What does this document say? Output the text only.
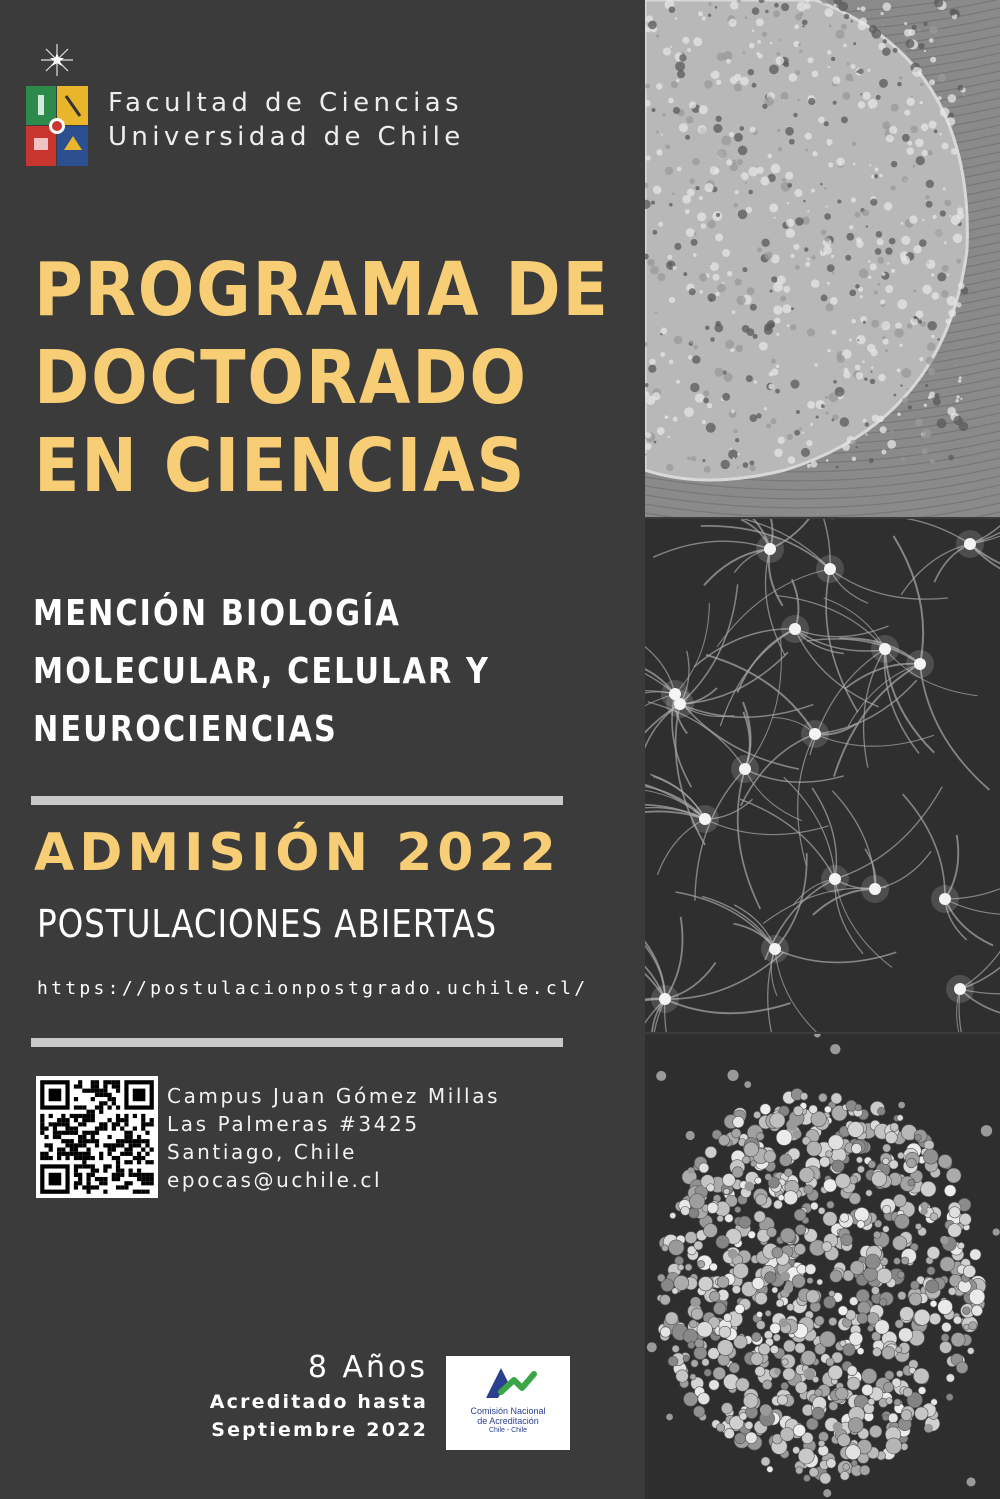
Facultad de Ciencias
Universidad de Chile
PROGRAMA DE
DOCTORADO
EN CIENCIAS
MENCIÓN BIOLOGÍA
MOLECULAR, CELULAR Y
NEUROCIENCIAS
ADMISIÓN 2022
POSTULACIONES ABIERTAS
https://postulacionpostgrado.uchile.cl/
Campus Juan Gómez Millas
Las Palmeras #3425
Santiago, Chile
epocas@uchile.cl
8 Años
Acreditado hasta
Septiembre 2022
Comisión Nacional
de Acreditación
Chile - Chile
